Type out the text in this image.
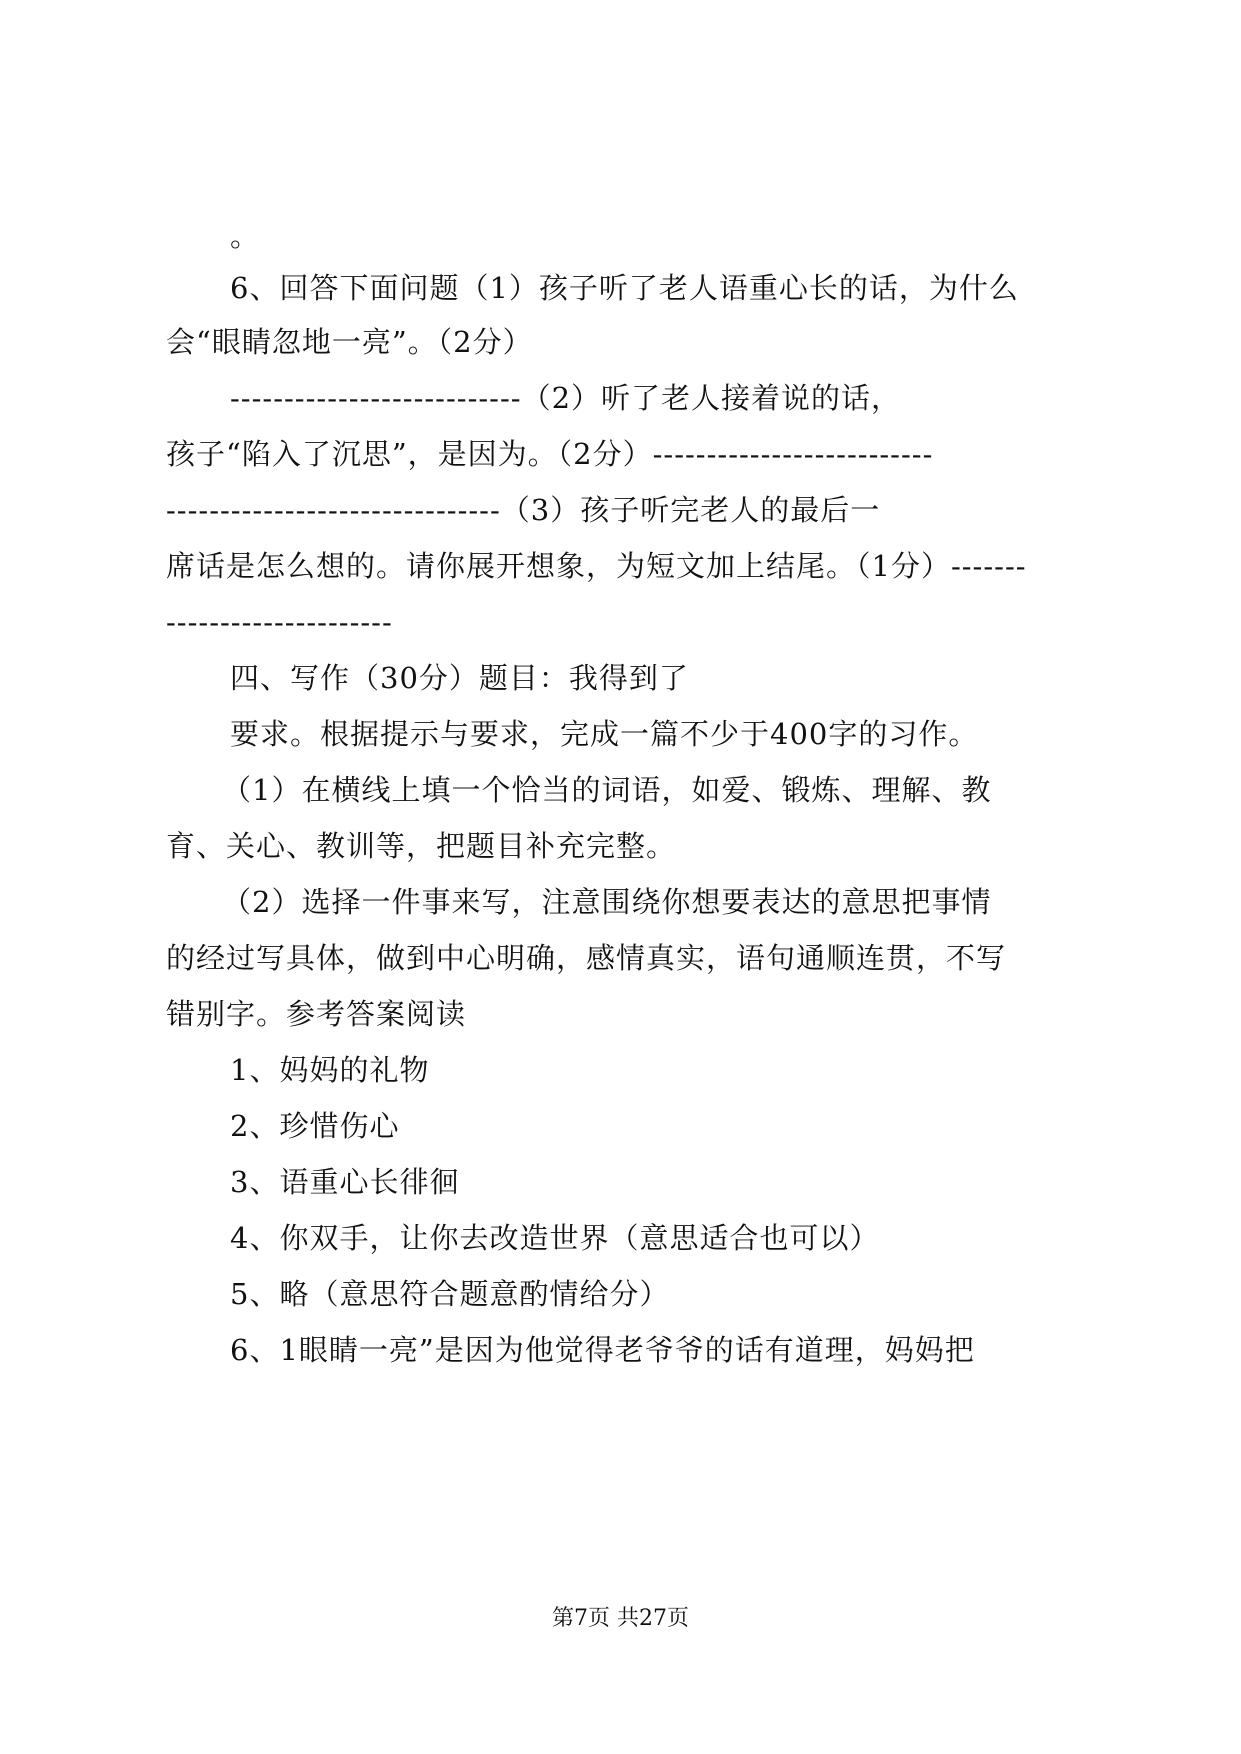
。
6、回答下面问题（1）孩子听了老人语重心长的话，为什么
会“眼睛忽地一亮”。（2分）
---------------------------（2）听了老人接着说的话，
孩子“陷入了沉思”，是因为。（2分）--------------------------
-------------------------------（3）孩子听完老人的最后一
席话是怎么想的。请你展开想象，为短文加上结尾。（1分）-------
---------------------
四、写作（30分）题目：我得到了
要求。根据提示与要求，完成一篇不少于400字的习作。
（1）在横线上填一个恰当的词语，如爱、锻炼、理解、教
育、关心、教训等，把题目补充完整。
（2）选择一件事来写，注意围绕你想要表达的意思把事情
的经过写具体，做到中心明确，感情真实，语句通顺连贯，不写
错别字。参考答案阅读
1、妈妈的礼物
2、珍惜伤心
3、语重心长徘徊
4、你双手，让你去改造世界（意思适合也可以）
5、略（意思符合题意酌情给分）
6、1眼睛一亮”是因为他觉得老爷爷的话有道理，妈妈把
第7页 共27页
